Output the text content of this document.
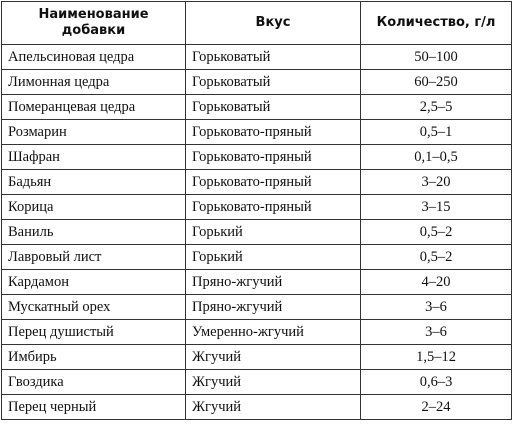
Наименование добавки	Вкус	Количество, г/л
Апельсиновая цедра	Горьковатый	50–100
Лимонная цедра	Горьковатый	60–250
Померанцевая цедра	Горьковатый	2,5–5
Розмарин	Горьковато-пряный	0,5–1
Шафран	Горьковато-пряный	0,1–0,5
Бадьян	Горьковато-пряный	3–20
Корица	Горьковато-пряный	3–15
Ваниль	Горький	0,5–2
Лавровый лист	Горький	0,5–2
Кардамон	Пряно-жгучий	4–20
Мускатный орех	Пряно-жгучий	3–6
Перец душистый	Умеренно-жгучий	3–6
Имбирь	Жгучий	1,5–12
Гвоздика	Жгучий	0,6–3
Перец черный	Жгучий	2–24
